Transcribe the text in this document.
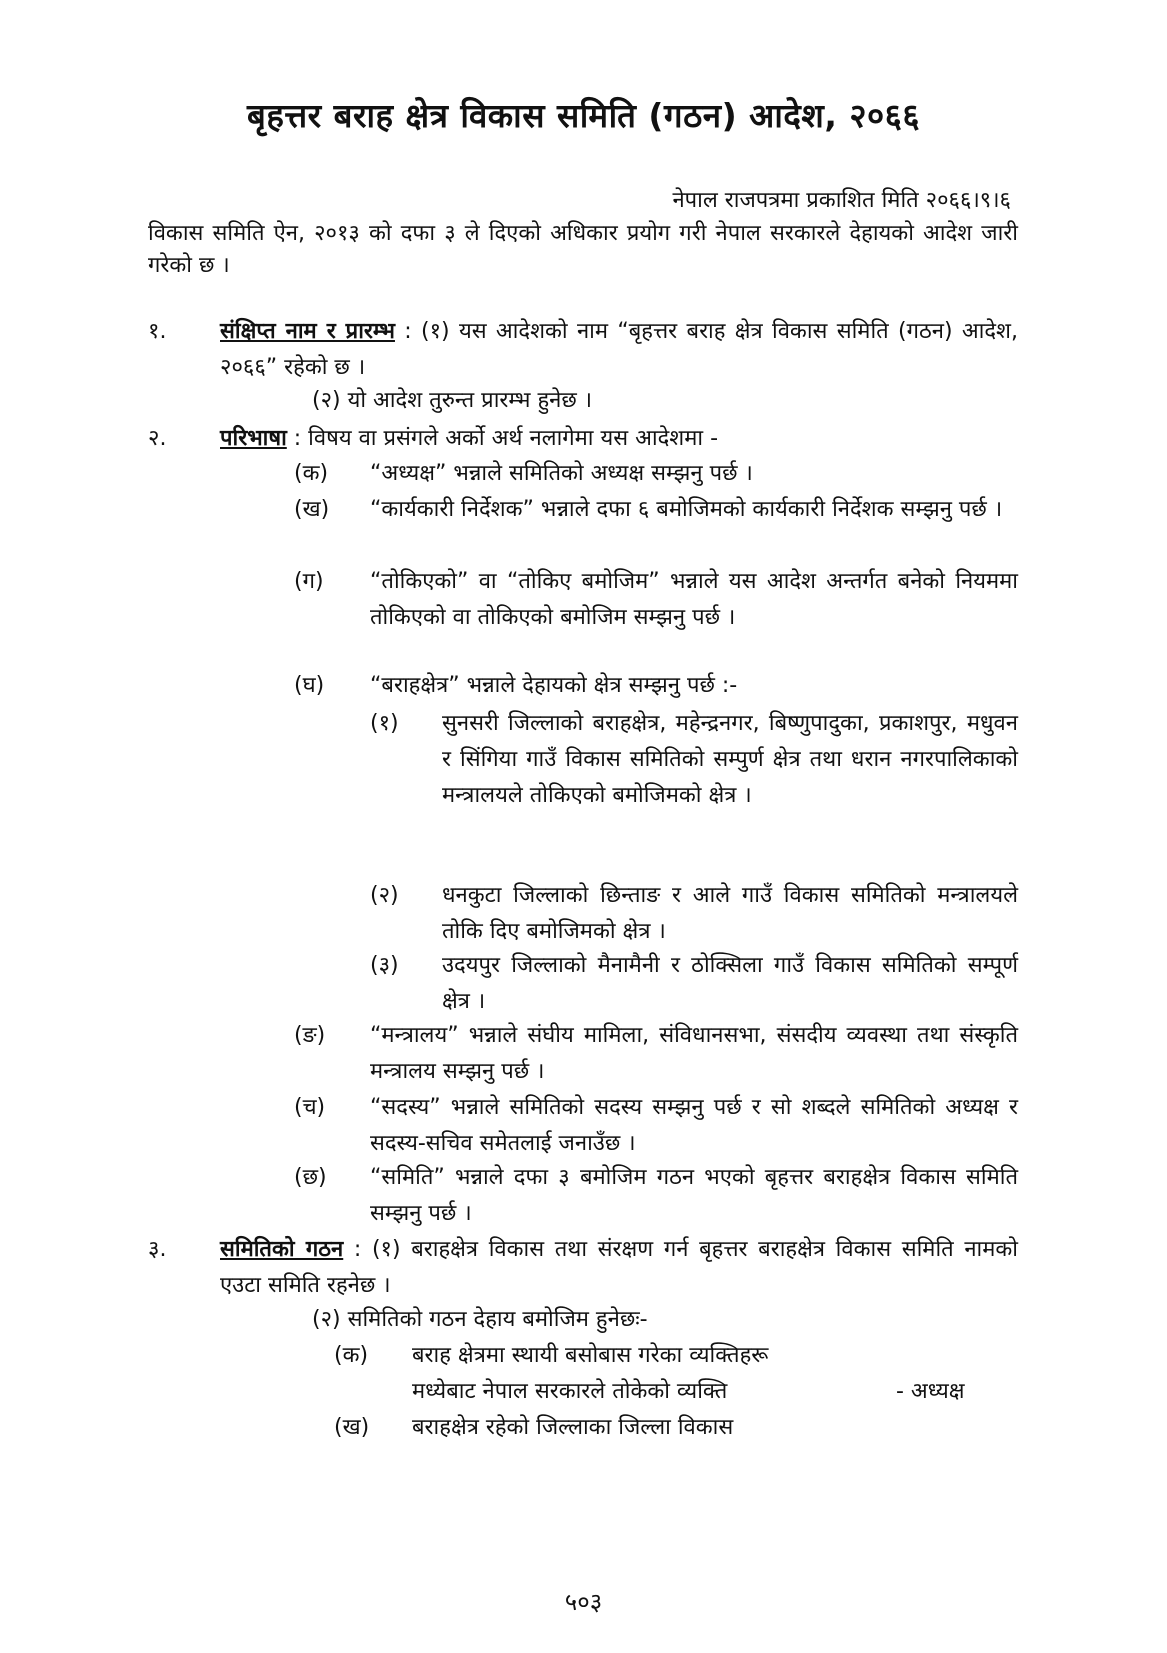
बृहत्तर बराह क्षेत्र विकास समिति (गठन) आदेश, २०६६
नेपाल राजपत्रमा प्रकाशित मिति २०६६।९।६
विकास समिति ऐन, २०१३ को दफा ३ ले दिएको अधिकार प्रयोग गरी नेपाल सरकारले देहायको आदेश जारी गरेको छ ।
१. संक्षिप्त नाम र प्रारम्भ : (१) यस आदेशको नाम “बृहत्तर बराह क्षेत्र विकास समिति (गठन) आदेश, २०६६” रहेको छ ।
(२) यो आदेश तुरुन्त प्रारम्भ हुनेछ ।
२. परिभाषा : विषय वा प्रसंगले अर्को अर्थ नलागेमा यस आदेशमा -
(क) “अध्यक्ष” भन्नाले समितिको अध्यक्ष सम्झनु पर्छ ।
(ख) “कार्यकारी निर्देशक” भन्नाले दफा ६ बमोजिमको कार्यकारी निर्देशक सम्झनु पर्छ ।
(ग) “तोकिएको” वा “तोकिए बमोजिम” भन्नाले यस आदेश अन्तर्गत बनेको नियममा तोकिएको वा तोकिएको बमोजिम सम्झनु पर्छ ।
(घ) “बराहक्षेत्र” भन्नाले देहायको क्षेत्र सम्झनु पर्छ :-
(१) सुनसरी जिल्लाको बराहक्षेत्र, महेन्द्रनगर, बिष्णुपादुका, प्रकाशपुर, मधुवन र सिंगिया गाउँ विकास समितिको सम्पुर्ण क्षेत्र तथा धरान नगरपालिकाको मन्त्रालयले तोकिएको बमोजिमको क्षेत्र ।
(२) धनकुटा जिल्लाको छिन्ताङ र आले गाउँ विकास समितिको मन्त्रालयले तोकि दिए बमोजिमको क्षेत्र ।
(३) उदयपुर जिल्लाको मैनामैनी र ठोक्सिला गाउँ विकास समितिको सम्पूर्ण क्षेत्र ।
(ङ) “मन्त्रालय” भन्नाले संघीय मामिला, संविधानसभा, संसदीय व्यवस्था तथा संस्कृति मन्त्रालय सम्झनु पर्छ ।
(च) “सदस्य” भन्नाले समितिको सदस्य सम्झनु पर्छ र सो शब्दले समितिको अध्यक्ष र सदस्य-सचिव समेतलाई जनाउँछ ।
(छ) “समिति” भन्नाले दफा ३ बमोजिम गठन भएको बृहत्तर बराहक्षेत्र विकास समिति सम्झनु पर्छ ।
३. समितिको गठन : (१) बराहक्षेत्र विकास तथा संरक्षण गर्न बृहत्तर बराहक्षेत्र विकास समिति नामको एउटा समिति रहनेछ ।
(२) समितिको गठन देहाय बमोजिम हुनेछः-
(क) बराह क्षेत्रमा स्थायी बसोबास गरेका व्यक्तिहरू
मध्येबाट नेपाल सरकारले तोकेको व्यक्ति	- अध्यक्ष
(ख) बराहक्षेत्र रहेको जिल्लाका जिल्ला विकास
५०३
